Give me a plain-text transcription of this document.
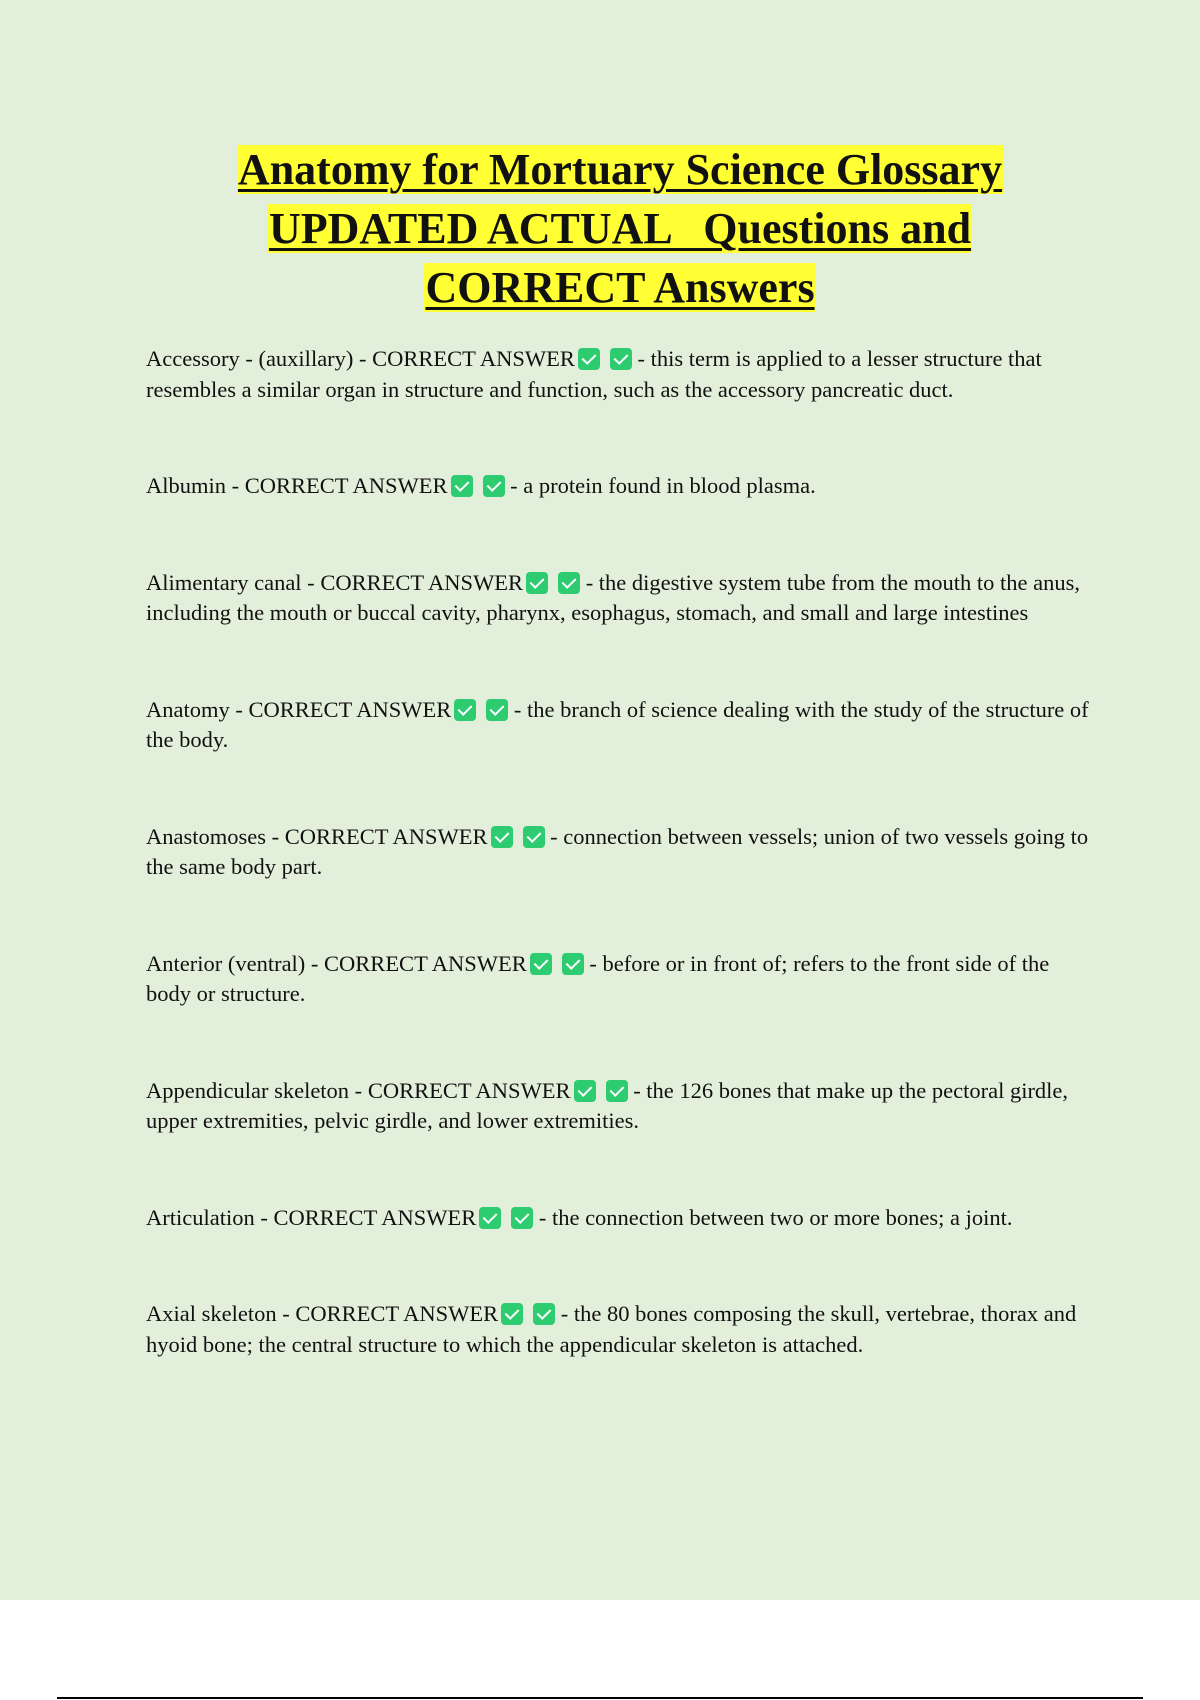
Anatomy for Mortuary Science Glossary
UPDATED ACTUAL   Questions and
CORRECT Answers

Accessory - (auxillary) - CORRECT ANSWER	- this term is applied to a lesser structure that resembles a similar organ in structure and function, such as the accessory pancreatic duct.

Albumin - CORRECT ANSWER	- a protein found in blood plasma.

Alimentary canal - CORRECT ANSWER	- the digestive system tube from the mouth to the anus, including the mouth or buccal cavity, pharynx, esophagus, stomach, and small and large intestines

Anatomy - CORRECT ANSWER	- the branch of science dealing with the study of the structure of the body.

Anastomoses - CORRECT ANSWER	- connection between vessels; union of two vessels going to the same body part.

Anterior (ventral) - CORRECT ANSWER	- before or in front of; refers to the front side of the body or structure.

Appendicular skeleton - CORRECT ANSWER	- the 126 bones that make up the pectoral girdle, upper extremities, pelvic girdle, and lower extremities.

Articulation - CORRECT ANSWER	- the connection between two or more bones; a joint.

Axial skeleton - CORRECT ANSWER	- the 80 bones composing the skull, vertebrae, thorax and hyoid bone; the central structure to which the appendicular skeleton is attached.
